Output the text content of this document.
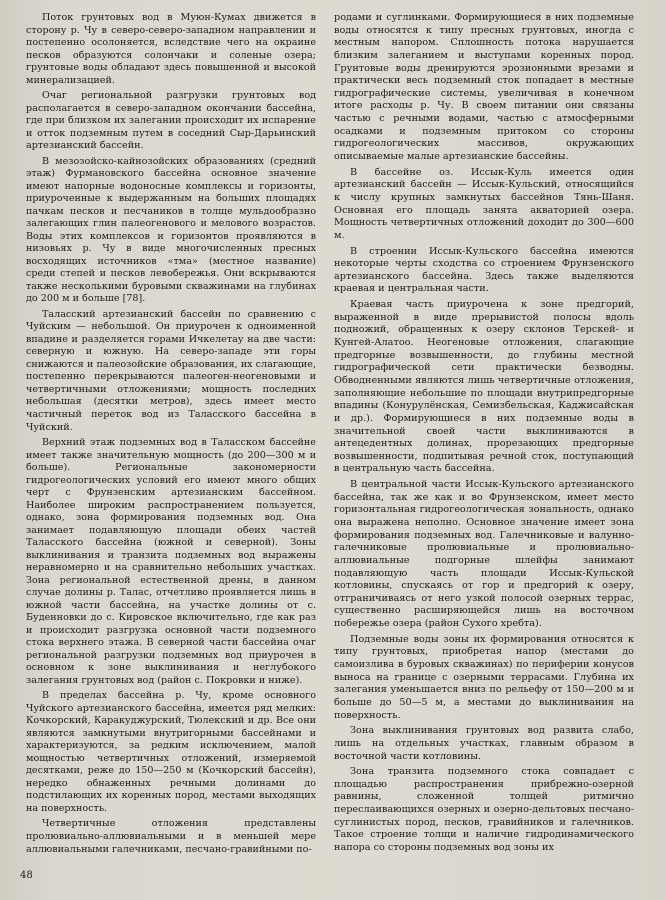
Поток грунтовых вод в Муюн-Кумах движется в сторону р. Чу в северо-северо-западном направлении и постепенно осолоняется, вследствие чего на окраине песков образуются солончаки и соленые озера; грунтовые воды обладают здесь повышенной и высокой минерализацией.

Очаг региональной разгрузки грунтовых вод располагается в северо-западном окончании бассейна, где при близком их залегании происходит их испарение и отток подземным путем в соседний Сыр-Дарьинский артезианский бассейн.

В мезозойско-кайнозойских образованиях (средний этаж) Фурмановского бассейна основное значение имеют напорные водоносные комплексы и горизонты, приуроченные к выдержанным на больших площадях пачкам песков и песчаников в толще мульдообразно залегающих глин палеогенового и мелового возрастов. Воды этих комплексов и горизонтов проявляются в низовьях р. Чу в виде многочисленных пресных восходящих источников «тма» (местное название) среди степей и песков левобережья. Они вскрываются также несколькими буровыми скважинами на глубинах до 200 м и больше [78].

Таласский артезианский бассейн по сравнению с Чуйским — небольшой. Он приурочен к одноименной впадине и разделяется горами Ичкелетау на две части: северную и южную. На северо-западе эти горы снижаются и палеозойские образования, их слагающие, постепенно перекрываются палеоген-неогеновыми и четвертичными отложениями; мощность последних небольшая (десятки метров), здесь имеет место частичный переток вод из Таласского бассейна в Чуйский.

Верхний этаж подземных вод в Таласском бассейне имеет также значительную мощность (до 200—300 м и больше). Региональные закономерности гидрогеологических условий его имеют много общих черт с Фрунзенским артезианским бассейном. Наиболее широким распространением пользуется, однако, зона формирования подземных вод. Она занимает подавляющую площади обеих частей Таласского бассейна (южной и северной). Зоны выклинивания и транзита подземных вод выражены неравномерно и на сравнительно небольших участках. Зона региональной естественной дрены, в данном случае долины р. Талас, отчетливо проявляется лишь в южной части бассейна, на участке долины от с. Буденновки до с. Кировское включительно, где как раз и происходит разгрузка основной части подземного стока верхнего этажа. В северной части бассейна очаг региональной разгрузки подземных вод приурочен в основном к зоне выклинивания и неглубокого залегания грунтовых вод (район с. Покровки и ниже).

В пределах бассейна р. Чу, кроме основного Чуйского артезианского бассейна, имеется ряд мелких: Кочкорский, Каракуджурский, Тюлекский и др. Все они являются замкнутыми внутригорными бассейнами и характеризуются, за редким исключением, малой мощностью четвертичных отложений, измеряемой десятками, реже до 150—250 м (Кочкорский бассейн), нередко обнаженных речными долинами до подстилающих их коренных пород, местами выходящих на поверхность.

Четвертичные отложения представлены пролювиально-аллювиальными и в меньшей мере аллювиальными галечниками, песчано-гравийными по-

родами и суглинками. Формирующиеся в них подземные воды относятся к типу пресных грунтовых, иногда с местным напором. Сплошность потока нарушается близким залеганием и выступами коренных пород. Грунтовые воды дренируются эрозионными врезами и практически весь подземный сток попадает в местные гидрографические системы, увеличивая в конечном итоге расходы р. Чу. В своем питании они связаны частью с речными водами, частью с атмосферными осадками и подземным притоком со стороны гидрогеологических массивов, окружающих описываемые малые артезианские бассейны.

В бассейне оз. Иссык-Куль имеется один артезианский бассейн — Иссык-Кульский, относящийся к числу крупных замкнутых бассейнов Тянь-Шаня. Основная его площадь занята акваторией озера. Мощность четвертичных отложений доходит до 300—600 м.

В строении Иссык-Кульского бассейна имеются некоторые черты сходства со строением Фрунзенского артезианского бассейна. Здесь также выделяются краевая и центральная части.

Краевая часть приурочена к зоне предгорий, выраженной в виде прерывистой полосы вдоль подножий, обращенных к озеру склонов Терскей- и Кунгей-Алатоо. Неогеновые отложения, слагающие предгорные возвышенности, до глубины местной гидрографической сети практически безводны. Обводненными являются лишь четвертичные отложения, заполняющие небольшие по площади внутрипредгорные впадины (Конурулёнская, Семизбельская, Каджисайская и др.). Формирующиеся в них подземные воды в значительной своей части выклиниваются в антецедентных долинах, прорезающих предгорные возвышенности, подпитывая речной сток, поступающий в центральную часть бассейна.

В центральной части Иссык-Кульского артезианского бассейна, так же как и во Фрунзенском, имеет место горизонтальная гидрогеологическая зональность, однако она выражена неполно. Основное значение имеет зона формирования подземных вод. Галечниковые и валунно-галечниковые пролювиальные и пролювиально-аллювиальные подгорные шлейфы занимают подавляющую часть площади Иссык-Кульской котловины, спускаясь от гор и предгорий к озеру, отграничиваясь от него узкой полосой озерных террас, существенно расширяющейся лишь на восточном побережье озера (район Сухого хребта).

Подземные воды зоны их формирования относятся к типу грунтовых, приобретая напор (местами до самоизлива в буровых скважинах) по периферии конусов выноса на границе с озерными террасами. Глубина их залегания уменьшается вниз по рельефу от 150—200 м и больше до 50—5 м, а местами до выклинивания на поверхность.

Зона выклинивания грунтовых вод развита слабо, лишь на отдельных участках, главным образом в восточной части котловины.

Зона транзита подземного стока совпадает с площадью распространения прибрежно-озерной равнины, сложенной толщей ритмично переслаивающихся озерных и озерно-дельтовых песчано-суглинистых пород, песков, гравийников и галечников. Такое строение толщи и наличие гидродинамического напора со стороны подземных вод зоны их

48
